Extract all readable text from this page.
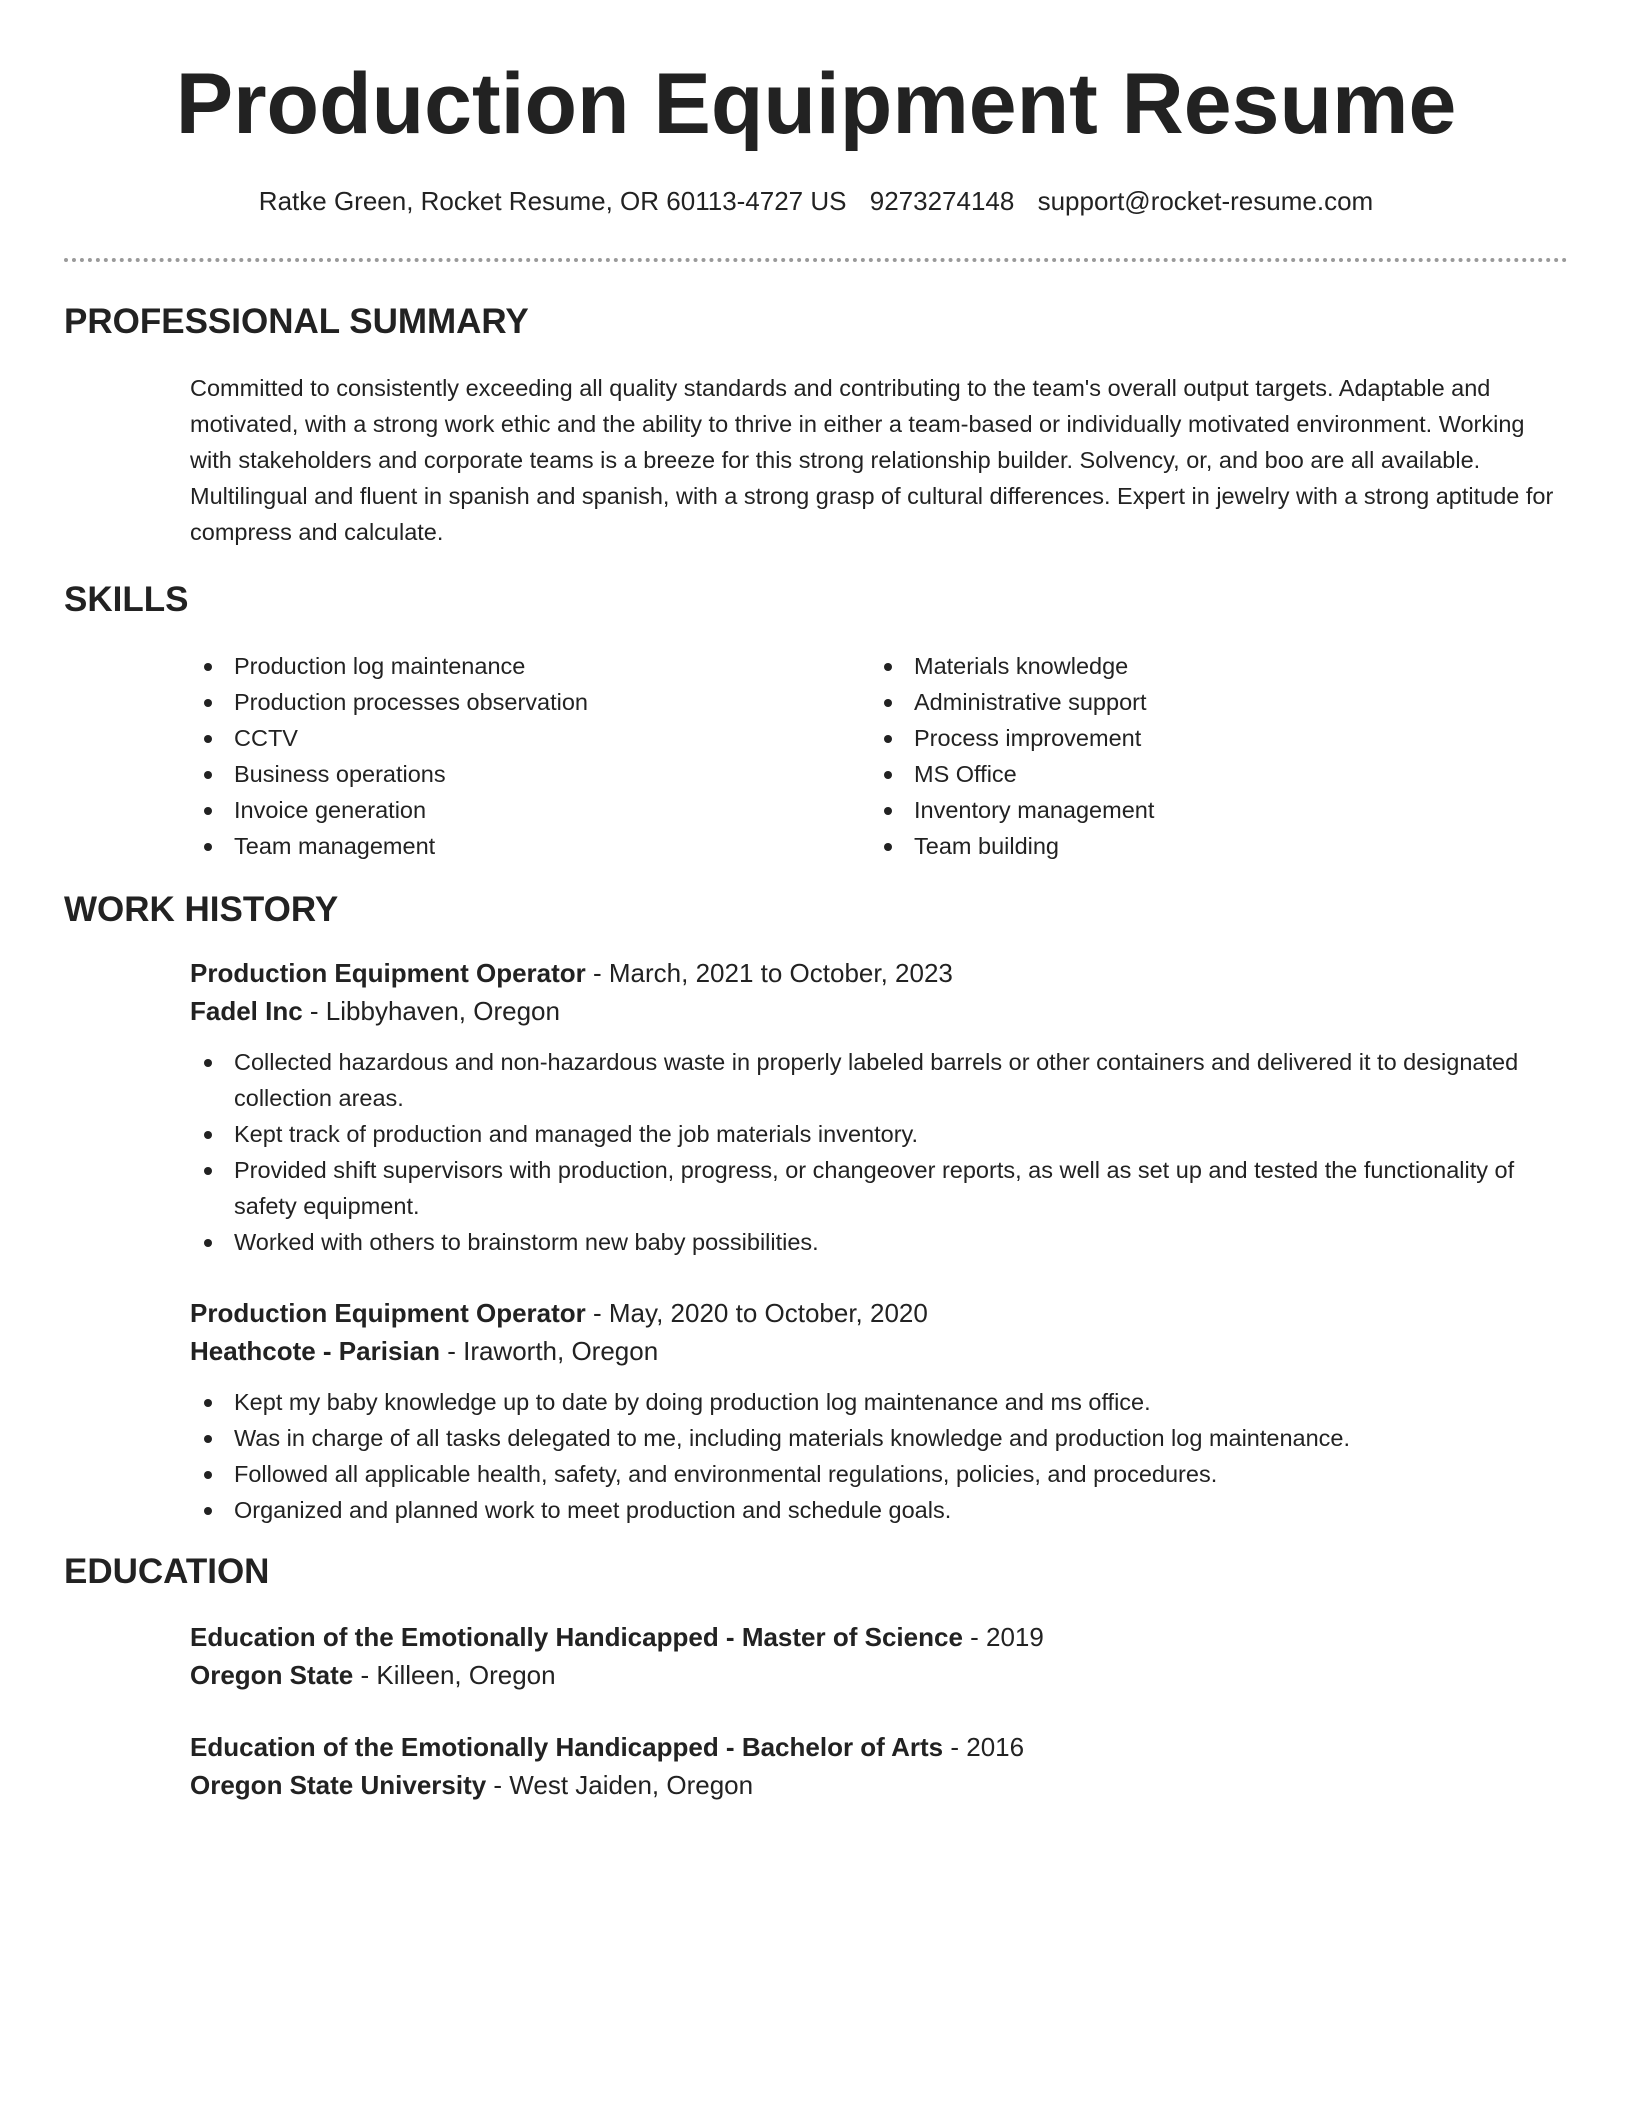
Production Equipment Resume
Ratke Green, Rocket Resume, OR 60113-4727 US 9273274148 support@rocket-resume.com
PROFESSIONAL SUMMARY

Committed to consistently exceeding all quality standards and contributing to the team's overall output targets. Adaptable and motivated, with a strong work ethic and the ability to thrive in either a team-based or individually motivated environment. Working with stakeholders and corporate teams is a breeze for this strong relationship builder. Solvency, or, and boo are all available. Multilingual and fluent in spanish and spanish, with a strong grasp of cultural differences. Expert in jewelry with a strong aptitude for compress and calculate.

SKILLS
Production log maintenance
Production processes observation
CCTV
Business operations
Invoice generation
Team management
Materials knowledge
Administrative support
Process improvement
MS Office
Inventory management
Team building
WORK HISTORY
Production Equipment Operator - March, 2021 to October, 2023
Fadel Inc - Libbyhaven, Oregon
Collected hazardous and non-hazardous waste in properly labeled barrels or other containers and delivered it to designated collection areas.
Kept track of production and managed the job materials inventory.
Provided shift supervisors with production, progress, or changeover reports, as well as set up and tested the functionality of safety equipment.
Worked with others to brainstorm new baby possibilities.
Production Equipment Operator - May, 2020 to October, 2020
Heathcote - Parisian - Iraworth, Oregon
Kept my baby knowledge up to date by doing production log maintenance and ms office.
Was in charge of all tasks delegated to me, including materials knowledge and production log maintenance.
Followed all applicable health, safety, and environmental regulations, policies, and procedures.
Organized and planned work to meet production and schedule goals.
EDUCATION
Education of the Emotionally Handicapped - Master of Science - 2019
Oregon State - Killeen, Oregon
Education of the Emotionally Handicapped - Bachelor of Arts - 2016
Oregon State University - West Jaiden, Oregon
